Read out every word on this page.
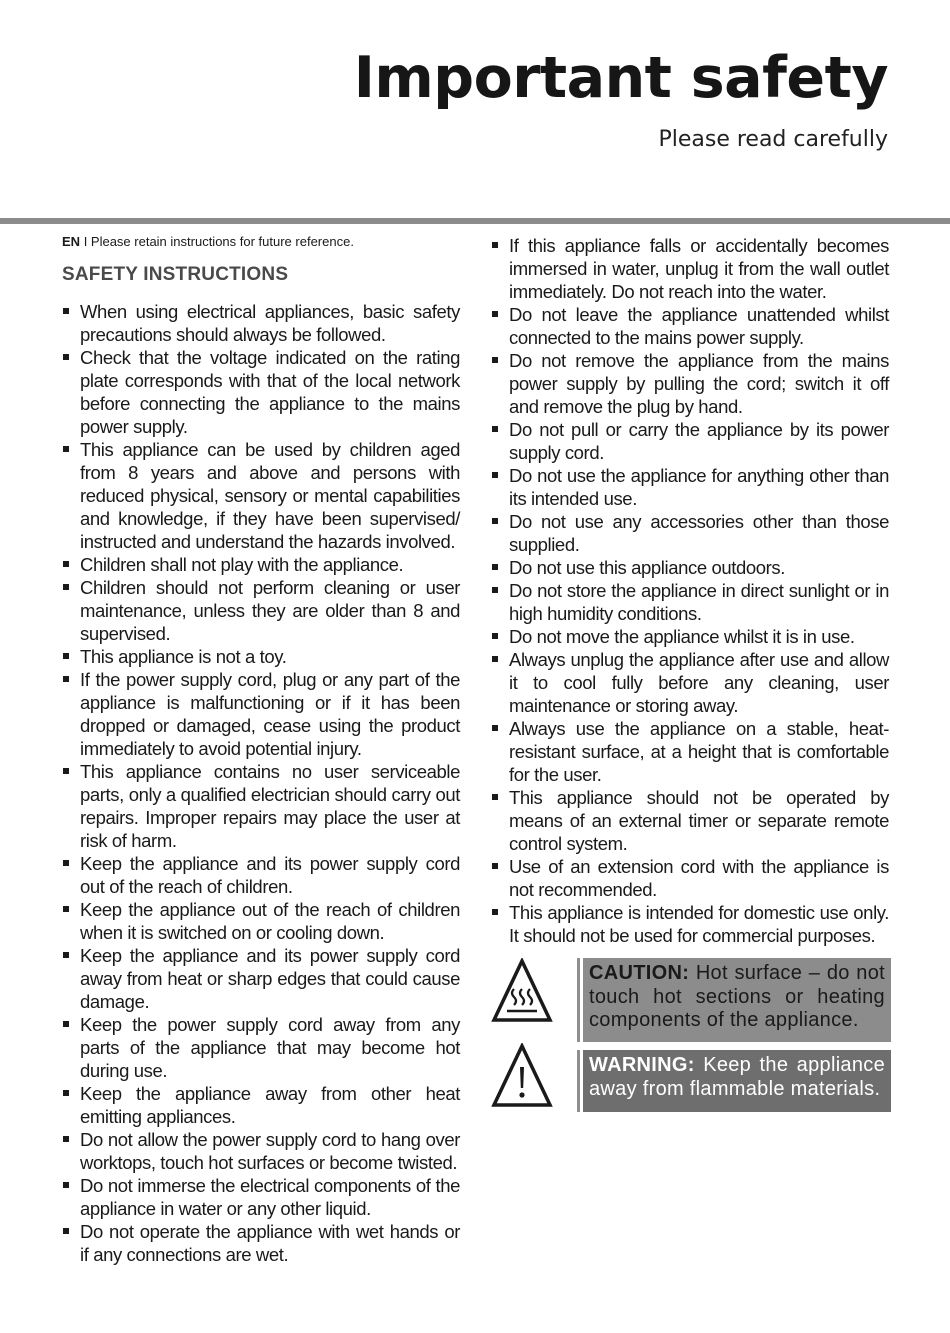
Important safety
Please read carefully

EN I Please retain instructions for future reference.

SAFETY INSTRUCTIONS
When using electrical appliances, basic safety precautions should always be followed.
Check that the voltage indicated on the rating plate corresponds with that of the local network before connecting the appliance to the mains power supply.
This appliance can be used by children aged from 8 years and above and persons with reduced physical, sensory or mental capabilities and knowledge, if they have been supervised/ instructed and understand the hazards involved.
Children shall not play with the appliance.
Children should not perform cleaning or user maintenance, unless they are older than 8 and supervised.
This appliance is not a toy.
If the power supply cord, plug or any part of the appliance is malfunctioning or if it has been dropped or damaged, cease using the product immediately to avoid potential injury.
This appliance contains no user serviceable parts, only a qualified electrician should carry out repairs. Improper repairs may place the user at risk of harm.
Keep the appliance and its power supply cord out of the reach of children.
Keep the appliance out of the reach of children when it is switched on or cooling down.
Keep the appliance and its power supply cord away from heat or sharp edges that could cause damage.
Keep the power supply cord away from any parts of the appliance that may become hot during use.
Keep the appliance away from other heat emitting appliances.
Do not allow the power supply cord to hang over worktops, touch hot surfaces or become twisted.
Do not immerse the electrical components of the appliance in water or any other liquid.
Do not operate the appliance with wet hands or if any connections are wet.
If this appliance falls or accidentally becomes immersed in water, unplug it from the wall outlet immediately. Do not reach into the water.
Do not leave the appliance unattended whilst connected to the mains power supply.
Do not remove the appliance from the mains power supply by pulling the cord; switch it off and remove the plug by hand.
Do not pull or carry the appliance by its power supply cord.
Do not use the appliance for anything other than its intended use.
Do not use any accessories other than those supplied.
Do not use this appliance outdoors.
Do not store the appliance in direct sunlight or in high humidity conditions.
Do not move the appliance whilst it is in use.
Always unplug the appliance after use and allow it to cool fully before any cleaning, user maintenance or storing away.
Always use the appliance on a stable, heat-resistant surface, at a height that is comfortable for the user.
This appliance should not be operated by means of an external timer or separate remote control system.
Use of an extension cord with the appliance is not recommended.
This appliance is intended for domestic use only. It should not be used for commercial purposes.
CAUTION: Hot surface – do not touch hot sections or heating components of the appliance.
WARNING: Keep the appliance away from flammable materials.
